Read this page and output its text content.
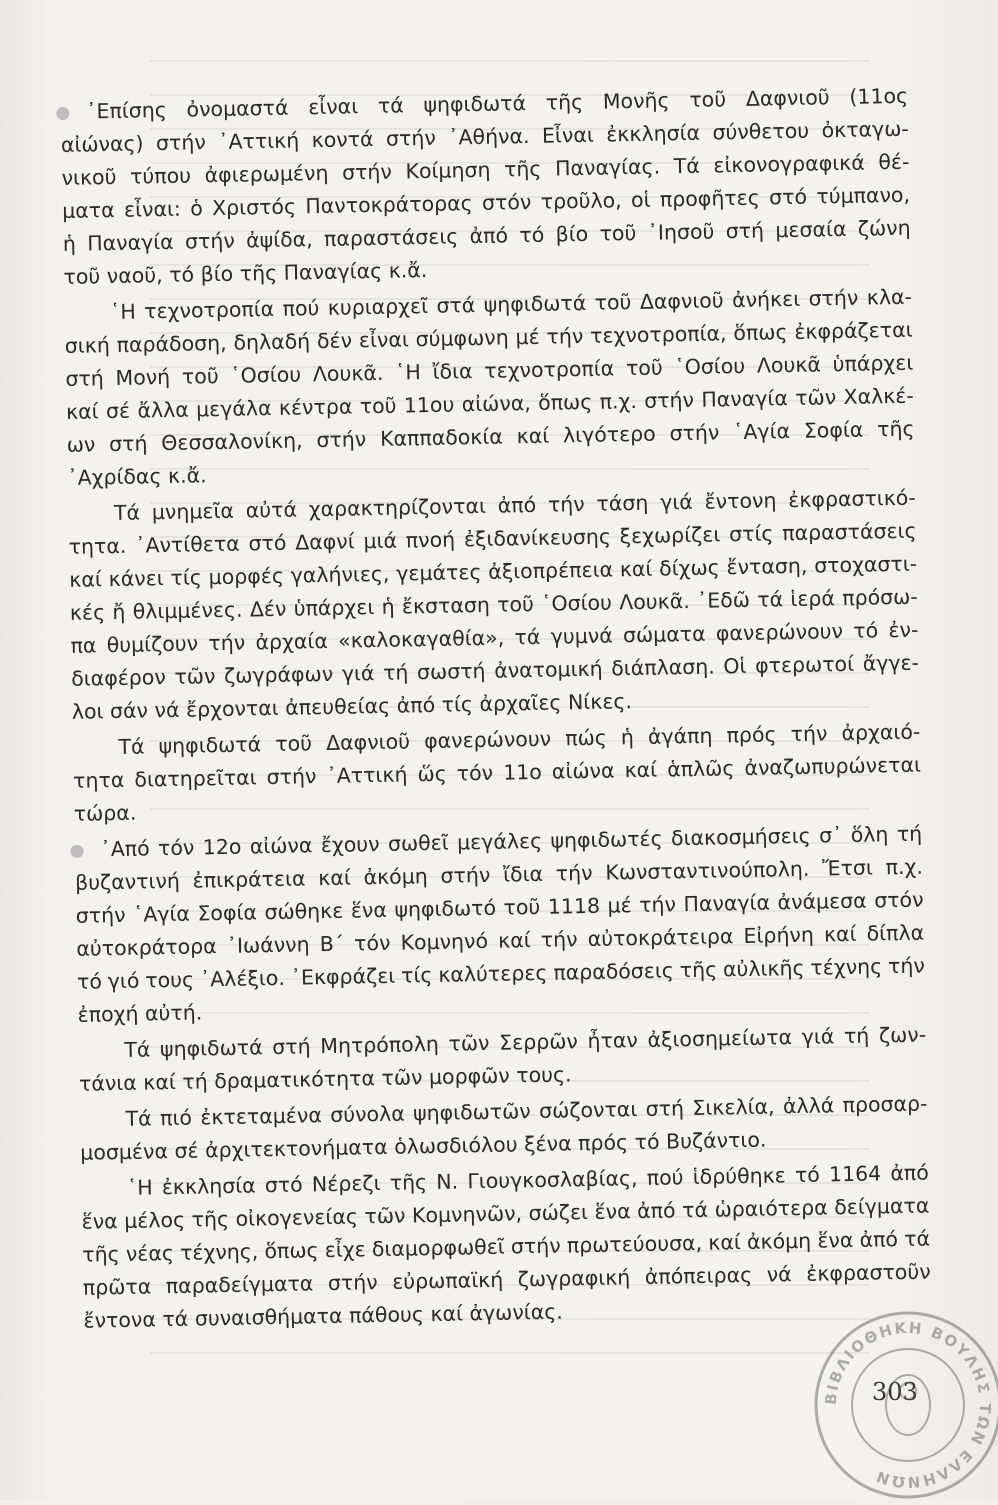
᾿Επίσης ὀνομαστά εἶναι τά ψηφιδωτά τῆς Μονῆς τοῦ Δαφνιοῦ (11ος
αἰώνας) στήν ᾿Αττική κοντά στήν ᾿Αθήνα. Εἶναι ἐκκλησία σύνθετου ὀκταγω-
νικοῦ τύπου ἀφιερωμένη στήν Κοίμηση τῆς Παναγίας. Τά εἰκονογραφικά θέ-
ματα εἶναι: ὁ Χριστός Παντοκράτορας στόν τροῦλο, οἱ προφῆτες στό τύμπανο,
ἡ Παναγία στήν ἀψίδα, παραστάσεις ἀπό τό βίο τοῦ ᾿Ιησοῦ στή μεσαία ζώνη
τοῦ ναοῦ, τό βίο τῆς Παναγίας κ.ἄ.
῾Η τεχνοτροπία πού κυριαρχεῖ στά ψηφιδωτά τοῦ Δαφνιοῦ ἀνήκει στήν κλα-
σική παράδοση, δηλαδή δέν εἶναι σύμφωνη μέ τήν τεχνοτροπία, ὅπως ἐκφράζεται
στή Μονή τοῦ ῾Οσίου Λουκᾶ. ῾Η ἴδια τεχνοτροπία τοῦ ῾Οσίου Λουκᾶ ὑπάρχει
καί σέ ἄλλα μεγάλα κέντρα τοῦ 11ου αἰώνα, ὅπως π.χ. στήν Παναγία τῶν Χαλκέ-
ων στή Θεσσαλονίκη, στήν Καππαδοκία καί λιγότερο στήν ῾Αγία Σοφία τῆς
᾿Αχρίδας κ.ἄ.
Τά μνημεῖα αὐτά χαρακτηρίζονται ἀπό τήν τάση γιά ἔντονη ἐκφραστικό-
τητα. ᾿Αντίθετα στό Δαφνί μιά πνοή ἐξιδανίκευσης ξεχωρίζει στίς παραστάσεις
καί κάνει τίς μορφές γαλήνιες, γεμάτες ἀξιοπρέπεια καί δίχως ἔνταση, στοχαστι-
κές ἤ θλιμμένες. Δέν ὑπάρχει ἡ ἔκσταση τοῦ ῾Οσίου Λουκᾶ. ᾿Εδῶ τά ἱερά πρόσω-
πα θυμίζουν τήν ἀρχαία «καλοκαγαθία», τά γυμνά σώματα φανερώνουν τό ἐν-
διαφέρον τῶν ζωγράφων γιά τή σωστή ἀνατομική διάπλαση. Οἱ φτερωτοί ἄγγε-
λοι σάν νά ἔρχονται ἀπευθείας ἀπό τίς ἀρχαῖες Νίκες.
Τά ψηφιδωτά τοῦ Δαφνιοῦ φανερώνουν πώς ἡ ἀγάπη πρός τήν ἀρχαιό-
τητα διατηρεῖται στήν ᾿Αττική ὥς τόν 11ο αἰώνα καί ἁπλῶς ἀναζωπυρώνεται
τώρα.
᾿Από τόν 12ο αἰώνα ἔχουν σωθεῖ μεγάλες ψηφιδωτές διακοσμήσεις σ᾿ ὅλη τή
βυζαντινή ἐπικράτεια καί ἀκόμη στήν ἴδια τήν Κωνσταντινούπολη. Ἔτσι π.χ.
στήν ῾Αγία Σοφία σώθηκε ἕνα ψηφιδωτό τοῦ 1118 μέ τήν Παναγία ἀνάμεσα στόν
αὐτοκράτορα ᾿Ιωάννη Β΄ τόν Κομνηνό καί τήν αὐτοκράτειρα Εἰρήνη καί δίπλα
τό γιό τους ᾿Αλέξιο. ᾿Εκφράζει τίς καλύτερες παραδόσεις τῆς αὐλικῆς τέχνης τήν
ἐποχή αὐτή.
Τά ψηφιδωτά στή Μητρόπολη τῶν Σερρῶν ἦταν ἀξιοσημείωτα γιά τή ζων-
τάνια καί τή δραματικότητα τῶν μορφῶν τους.
Τά πιό ἐκτεταμένα σύνολα ψηφιδωτῶν σώζονται στή Σικελία, ἀλλά προσαρ-
μοσμένα σέ ἀρχιτεκτονήματα ὁλωσδιόλου ξένα πρός τό Βυζάντιο.
῾Η ἐκκλησία στό Νέρεζι τῆς Ν. Γιουγκοσλαβίας, πού ἱδρύθηκε τό 1164 ἀπό
ἕνα μέλος τῆς οἰκογενείας τῶν Κομνηνῶν, σώζει ἕνα ἀπό τά ὡραιότερα δείγματα
τῆς νέας τέχνης, ὅπως εἶχε διαμορφωθεῖ στήν πρωτεύουσα, καί ἀκόμη ἕνα ἀπό τά
πρῶτα παραδείγματα στήν εὐρωπαϊκή ζωγραφική ἀπόπειρας νά ἐκφραστοῦν
ἔντονα τά συναισθήματα πάθους καί ἀγωνίας.
303
ΒΙΒΛΙΟΘΗΚΗ ΒΟΥΛΗΣ ΤΩΝ ΕΛΛΗΝΩΝ
